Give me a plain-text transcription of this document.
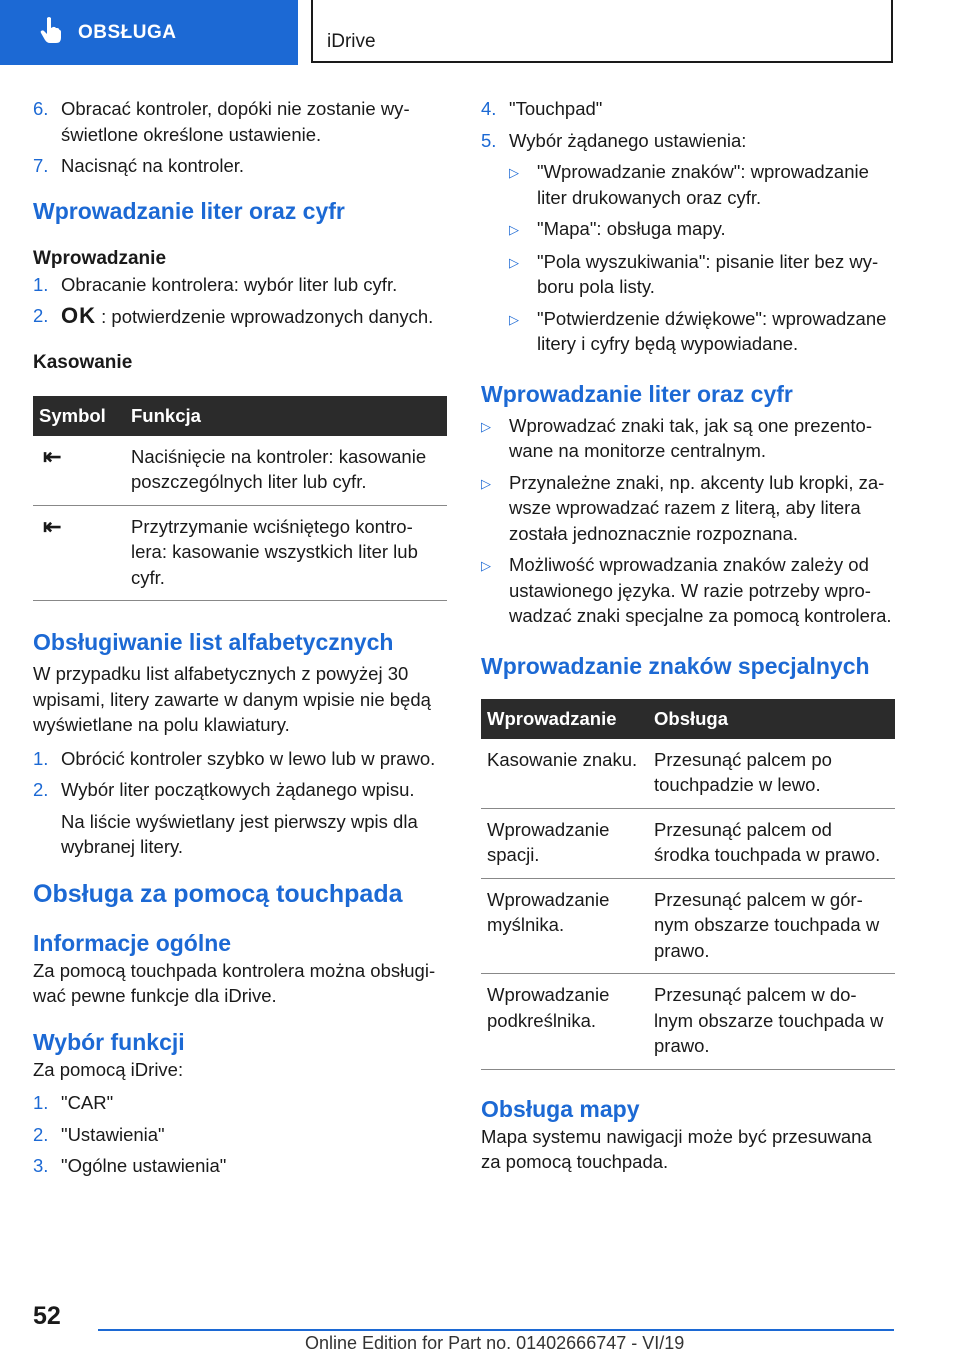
OBSŁUGA	iDrive
6. Obracać kontroler, dopóki nie zostanie wyświetlone określone ustawienie.
7. Nacisnąć na kontroler.
Wprowadzanie liter oraz cyfr
Wprowadzanie
1. Obracanie kontrolera: wybór liter lub cyfr.
2. OK : potwierdzenie wprowadzonych danych.
Kasowanie
Symbol	Funkcja
⇤	Naciśnięcie na kontroler: kasowanie poszczególnych liter lub cyfr.
⇤	Przytrzymanie wciśniętego kontrolera: kasowanie wszystkich liter lub cyfr.
Obsługiwanie list alfabetycznych

W przypadku list alfabetycznych z powyżej 30 wpisami, litery zawarte w danym wpisie nie będą wyświetlane na polu klawiatury.

1. Obrócić kontroler szybko w lewo lub w prawo.
2. Wybór liter początkowych żądanego wpisu.

Na liście wyświetlany jest pierwszy wpis dla wybranej litery.

Obsługa za pomocą touchpada
Informacje ogólne

Za pomocą touchpada kontrolera można obsługiwać pewne funkcje dla iDrive.

Wybór funkcji

Za pomocą iDrive:

1. "CAR"
2. "Ustawienia"
3. "Ogólne ustawienia"
4. "Touchpad"
5. Wybór żądanego ustawienia:
▷ "Wprowadzanie znaków": wprowadzanie liter drukowanych oraz cyfr.
▷ "Mapa": obsługa mapy.
▷ "Pola wyszukiwania": pisanie liter bez wyboru pola listy.
▷ "Potwierdzenie dźwiękowe": wprowadzane litery i cyfry będą wypowiadane.
Wprowadzanie liter oraz cyfr
▷ Wprowadzać znaki tak, jak są one prezentowane na monitorze centralnym.
▷ Przynależne znaki, np. akcenty lub kropki, zawsze wprowadzać razem z literą, aby litera została jednoznacznie rozpoznana.
▷ Możliwość wprowadzania znaków zależy od ustawionego języka. W razie potrzeby wprowadzać znaki specjalne za pomocą kontrolera.
Wprowadzanie znaków specjalnych
Wprowadzanie	Obsługa
Kasowanie znaku.	Przesunąć palcem po touchpadzie w lewo.
Wprowadzanie spacji.	Przesunąć palcem od środka touchpada w prawo.
Wprowadzanie myślnika.	Przesunąć palcem w górnym obszarze touchpada w prawo.
Wprowadzanie podkreślnika.	Przesunąć palcem w dolnym obszarze touchpada w prawo.
Obsługa mapy

Mapa systemu nawigacji może być przesuwana za pomocą touchpada.

52
Online Edition for Part no. 01402666747 - VI/19
